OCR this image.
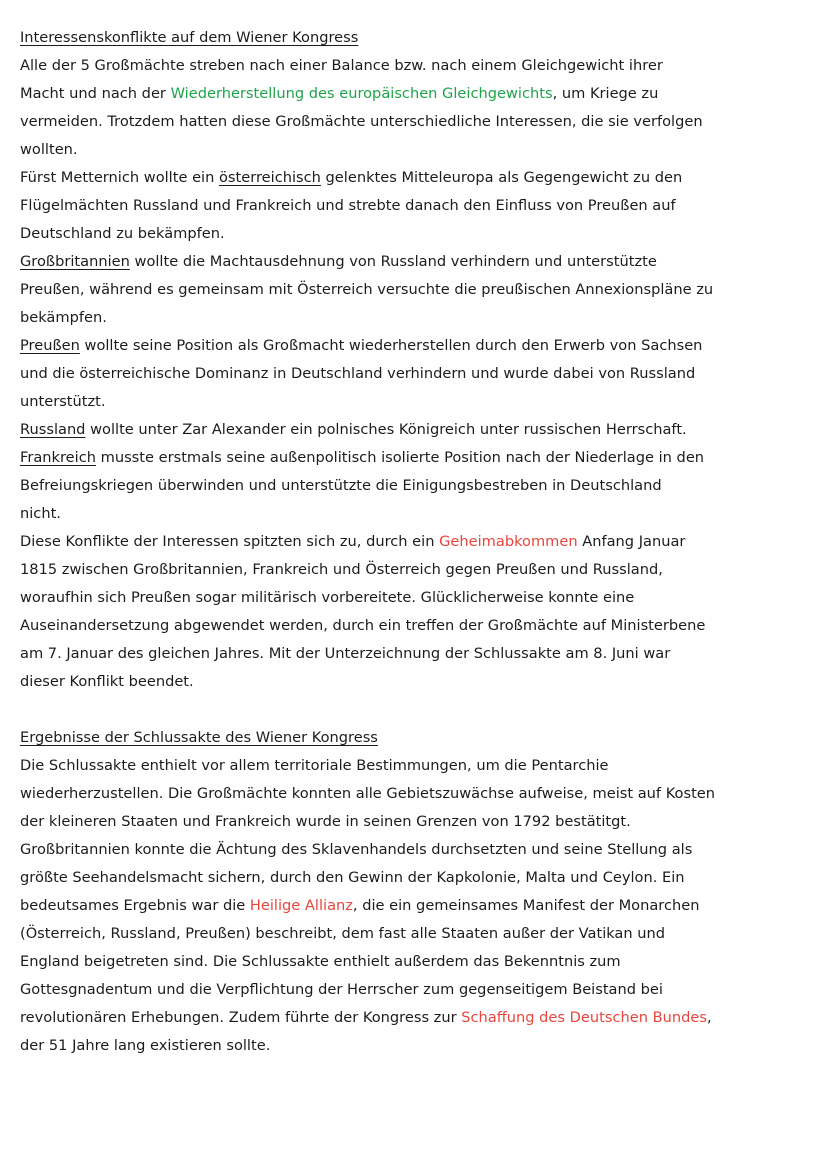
Interessenskonflikte auf dem Wiener Kongress
Alle der 5 Großmächte streben nach einer Balance bzw. nach einem Gleichgewicht ihrer
Macht und nach der Wiederherstellung des europäischen Gleichgewichts, um Kriege zu
vermeiden. Trotzdem hatten diese Großmächte unterschiedliche Interessen, die sie verfolgen
wollten.
Fürst Metternich wollte ein österreichisch gelenktes Mitteleuropa als Gegengewicht zu den
Flügelmächten Russland und Frankreich und strebte danach den Einfluss von Preußen auf
Deutschland zu bekämpfen.
Großbritannien wollte die Machtausdehnung von Russland verhindern und unterstützte
Preußen, während es gemeinsam mit Österreich versuchte die preußischen Annexionspläne zu
bekämpfen.
Preußen wollte seine Position als Großmacht wiederherstellen durch den Erwerb von Sachsen
und die österreichische Dominanz in Deutschland verhindern und wurde dabei von Russland
unterstützt.
Russland wollte unter Zar Alexander ein polnisches Königreich unter russischen Herrschaft.
Frankreich musste erstmals seine außenpolitisch isolierte Position nach der Niederlage in den
Befreiungskriegen überwinden und unterstützte die Einigungsbestreben in Deutschland
nicht.
Diese Konflikte der Interessen spitzten sich zu, durch ein Geheimabkommen Anfang Januar
1815 zwischen Großbritannien, Frankreich und Österreich gegen Preußen und Russland,
woraufhin sich Preußen sogar militärisch vorbereitete. Glücklicherweise konnte eine
Auseinandersetzung abgewendet werden, durch ein treffen der Großmächte auf Ministerbene
am 7. Januar des gleichen Jahres. Mit der Unterzeichnung der Schlussakte am 8. Juni war
dieser Konflikt beendet.
Ergebnisse der Schlussakte des Wiener Kongress
Die Schlussakte enthielt vor allem territoriale Bestimmungen, um die Pentarchie
wiederherzustellen. Die Großmächte konnten alle Gebietszuwächse aufweise, meist auf Kosten
der kleineren Staaten und Frankreich wurde in seinen Grenzen von 1792 bestätitgt.
Großbritannien konnte die Ächtung des Sklavenhandels durchsetzten und seine Stellung als
größte Seehandelsmacht sichern, durch den Gewinn der Kapkolonie, Malta und Ceylon. Ein
bedeutsames Ergebnis war die Heilige Allianz, die ein gemeinsames Manifest der Monarchen
(Österreich, Russland, Preußen) beschreibt, dem fast alle Staaten außer der Vatikan und
England beigetreten sind. Die Schlussakte enthielt außerdem das Bekenntnis zum
Gottesgnadentum und die Verpflichtung der Herrscher zum gegenseitigem Beistand bei
revolutionären Erhebungen. Zudem führte der Kongress zur Schaffung des Deutschen Bundes,
der 51 Jahre lang existieren sollte.
